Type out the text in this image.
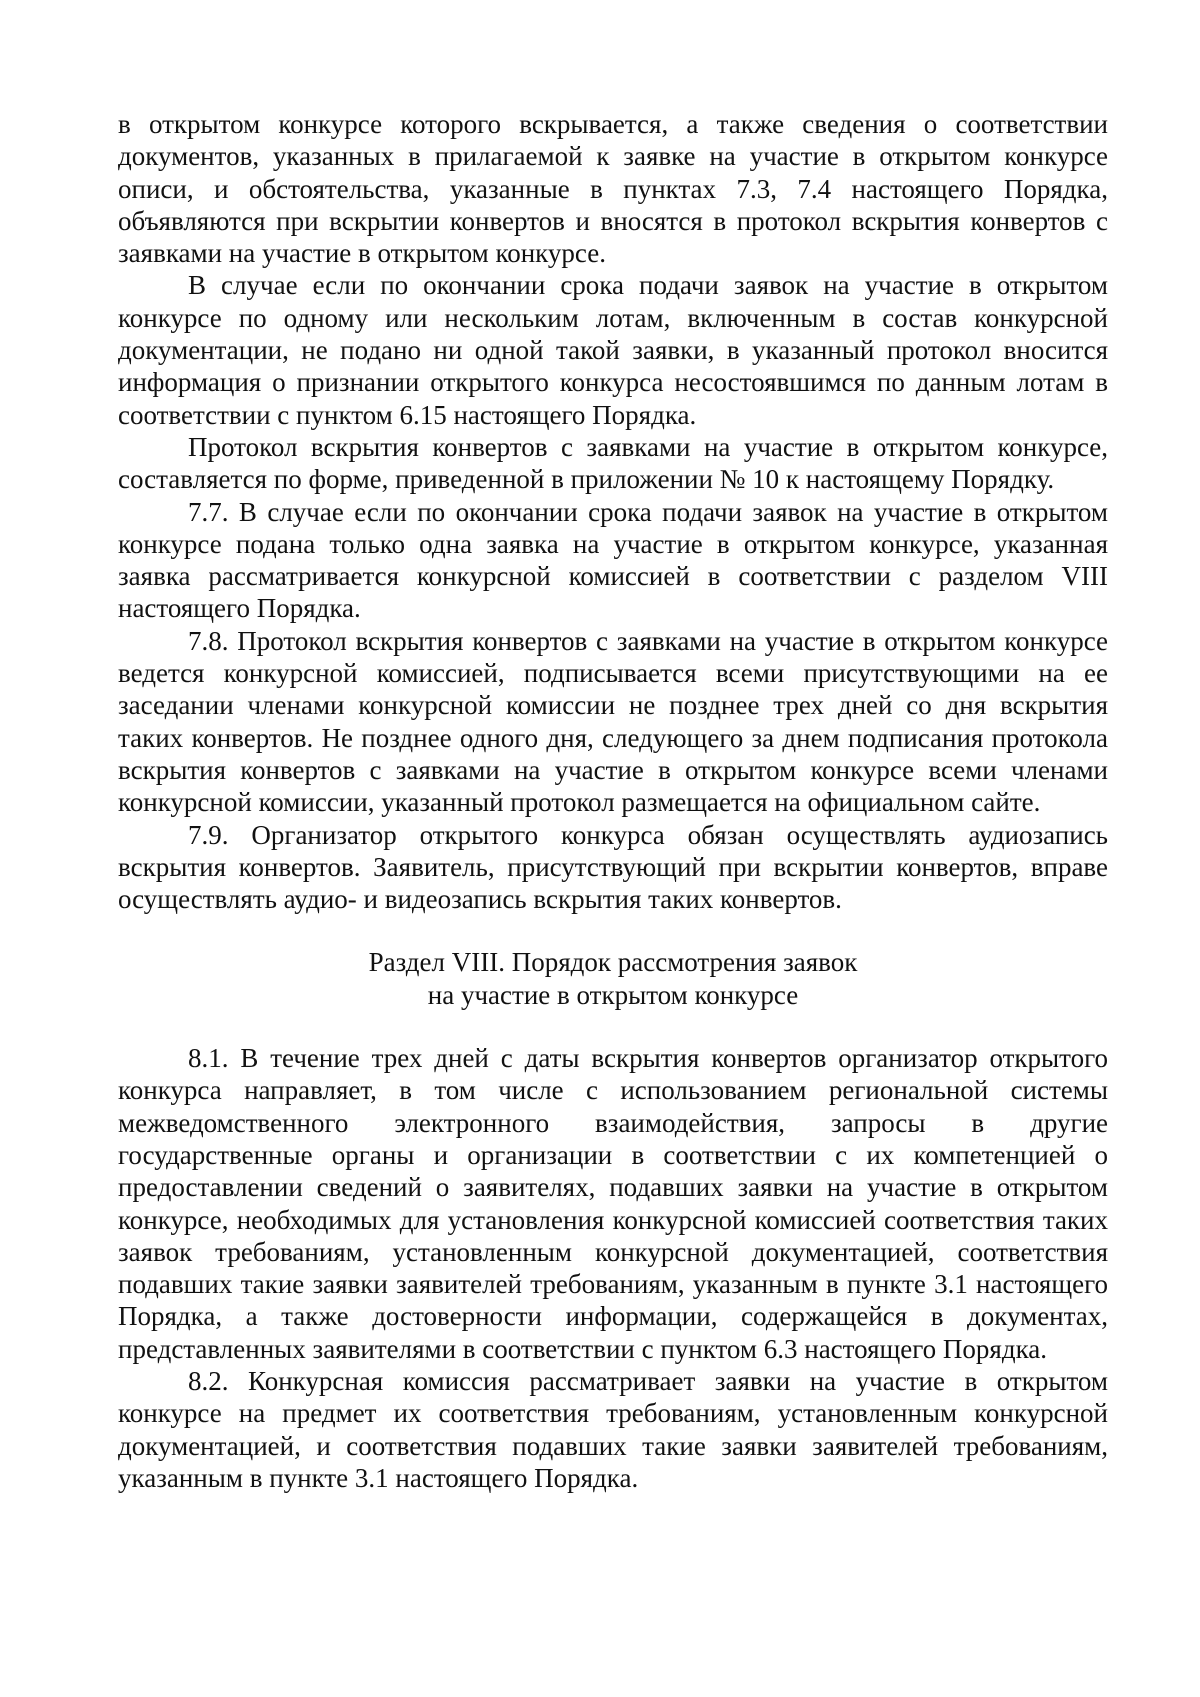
в открытом конкурсе которого вскрывается, а также сведения о соответствии документов, указанных в прилагаемой к заявке на участие в открытом конкурсе описи, и обстоятельства, указанные в пунктах 7.3, 7.4 настоящего Порядка, объявляются при вскрытии конвертов и вносятся в протокол вскрытия конвертов с заявками на участие в открытом конкурсе.

В случае если по окончании срока подачи заявок на участие в открытом конкурсе по одному или нескольким лотам, включенным в состав конкурсной документации, не подано ни одной такой заявки, в указанный протокол вносится информация о признании открытого конкурса несостоявшимся по данным лотам в соответствии с пунктом 6.15 настоящего Порядка.

Протокол вскрытия конвертов с заявками на участие в открытом конкурсе, составляется по форме, приведенной в приложении № 10 к настоящему Порядку.

7.7. В случае если по окончании срока подачи заявок на участие в открытом конкурсе подана только одна заявка на участие в открытом конкурсе, указанная заявка рассматривается конкурсной комиссией в соответствии с разделом VIII настоящего Порядка.

7.8. Протокол вскрытия конвертов с заявками на участие в открытом конкурсе ведется конкурсной комиссией, подписывается всеми присутствующими на ее заседании членами конкурсной комиссии не позднее трех дней со дня вскрытия таких конвертов. Не позднее одного дня, следующего за днем подписания протокола вскрытия конвертов с заявками на участие в открытом конкурсе всеми членами конкурсной комиссии, указанный протокол размещается на официальном сайте.

7.9. Организатор открытого конкурса обязан осуществлять аудиозапись вскрытия конвертов. Заявитель, присутствующий при вскрытии конвертов, вправе осуществлять аудио- и видеозапись вскрытия таких конвертов.

Раздел VIII. Порядок рассмотрения заявок
на участие в открытом конкурсе

8.1. В течение трех дней с даты вскрытия конвертов организатор открытого конкурса направляет, в том числе с использованием региональной системы межведомственного электронного взаимодействия, запросы в другие государственные органы и организации в соответствии с их компетенцией о предоставлении сведений о заявителях, подавших заявки на участие в открытом конкурсе, необходимых для установления конкурсной комиссией соответствия таких заявок требованиям, установленным конкурсной документацией, соответствия подавших такие заявки заявителей требованиям, указанным в пункте 3.1 настоящего Порядка, а также достоверности информации, содержащейся в документах, представленных заявителями в соответствии с пунктом 6.3 настоящего Порядка.

8.2. Конкурсная комиссия рассматривает заявки на участие в открытом конкурсе на предмет их соответствия требованиям, установленным конкурсной документацией, и соответствия подавших такие заявки заявителей требованиям, указанным в пункте 3.1 настоящего Порядка.
